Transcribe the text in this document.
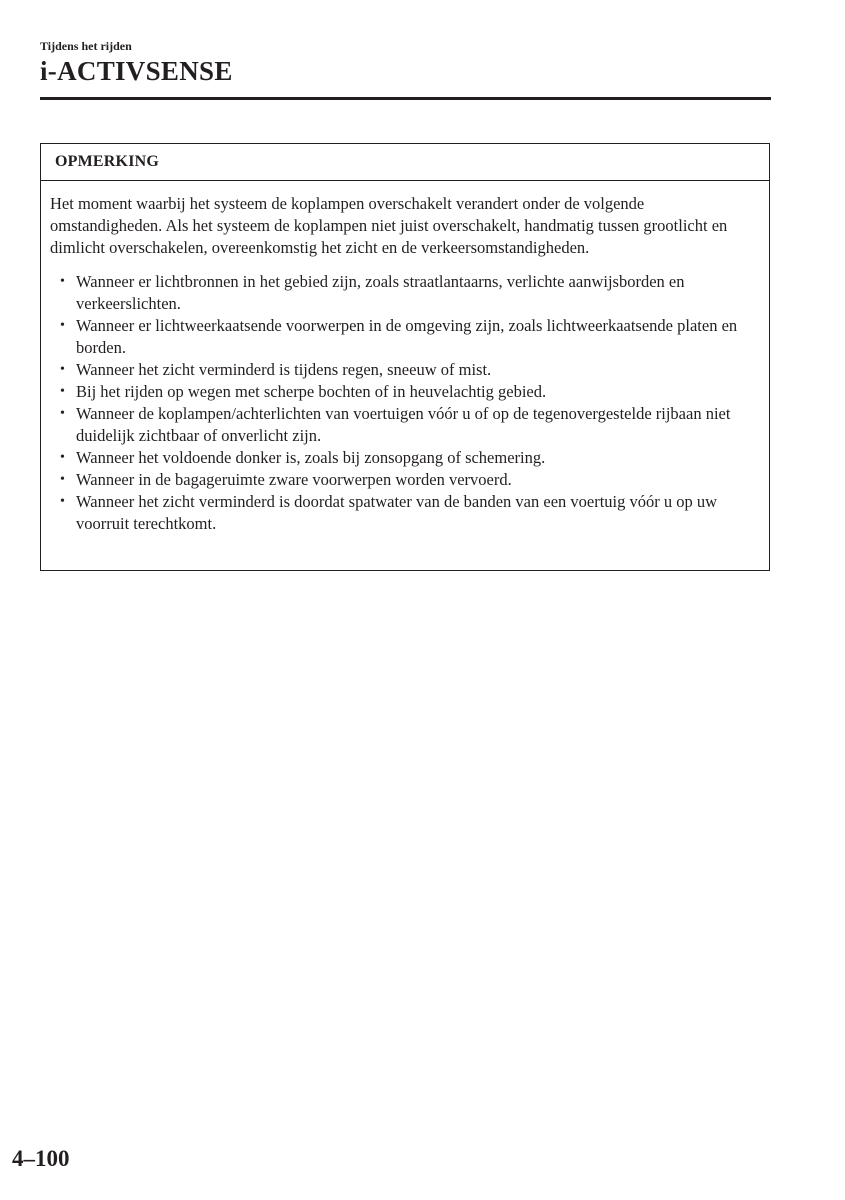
Tijdens het rijden
i-ACTIVSENSE
OPMERKING

Het moment waarbij het systeem de koplampen overschakelt verandert onder de volgende omstandigheden. Als het systeem de koplampen niet juist overschakelt, handmatig tussen grootlicht en dimlicht overschakelen, overeenkomstig het zicht en de verkeersomstandigheden.

• Wanneer er lichtbronnen in het gebied zijn, zoals straatlantaarns, verlichte aanwijsborden en verkeerslichten.
• Wanneer er lichtweerkaatsende voorwerpen in de omgeving zijn, zoals lichtweerkaatsende platen en borden.
• Wanneer het zicht verminderd is tijdens regen, sneeuw of mist.
• Bij het rijden op wegen met scherpe bochten of in heuvelachtig gebied.
• Wanneer de koplampen/achterlichten van voertuigen vóór u of op de tegenovergestelde rijbaan niet duidelijk zichtbaar of onverlicht zijn.
• Wanneer het voldoende donker is, zoals bij zonsopgang of schemering.
• Wanneer in de bagageruimte zware voorwerpen worden vervoerd.
• Wanneer het zicht verminderd is doordat spatwater van de banden van een voertuig vóór u op uw voorruit terechtkomt.
4–100
